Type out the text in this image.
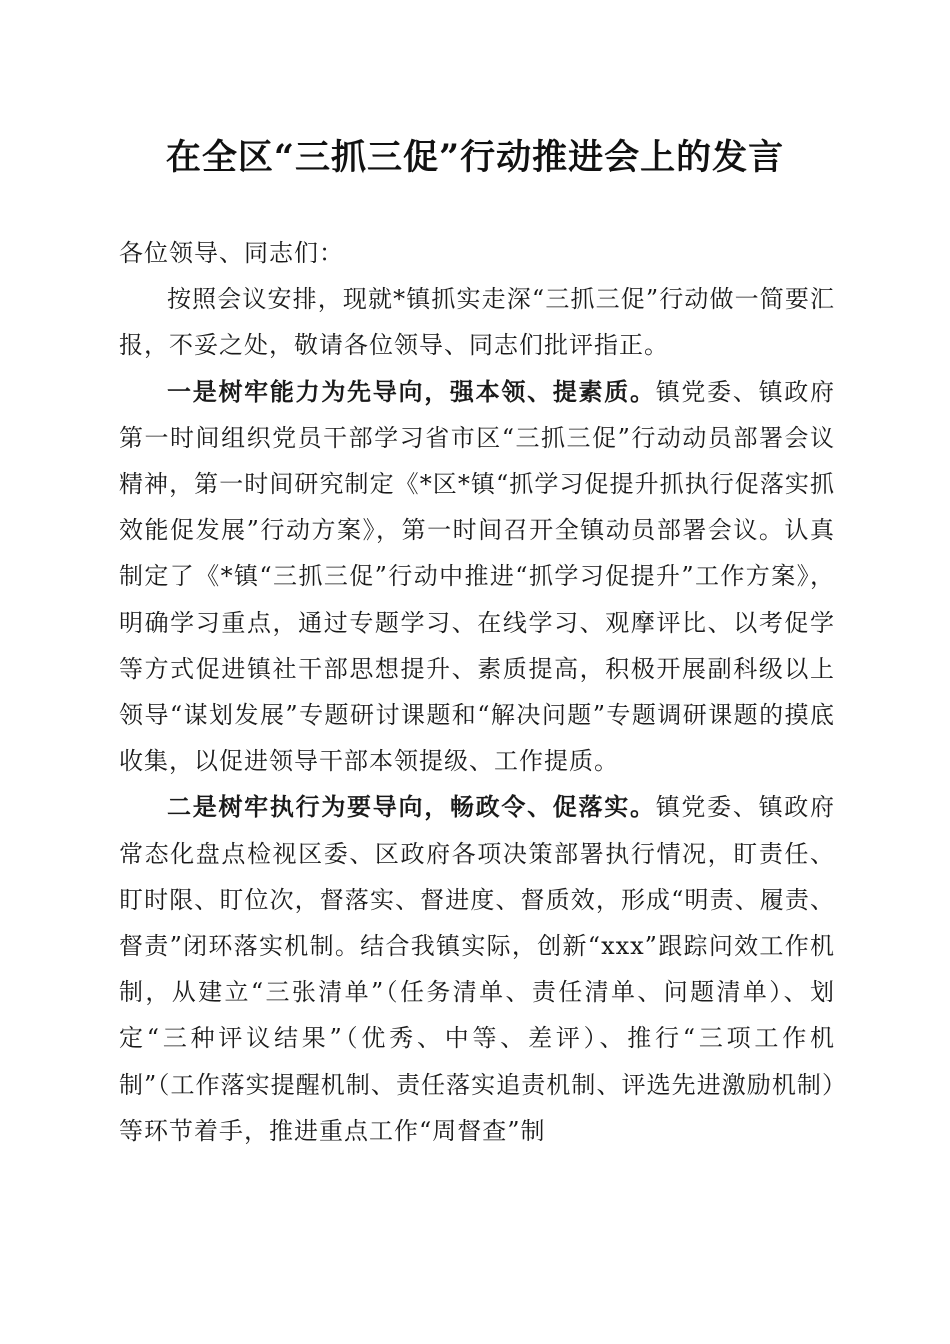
在全区“三抓三促”行动推进会上的发言

各位领导、同志们：

按照会议安排，现就*镇抓实走深“三抓三促”行动做一简要汇报，不妥之处，敬请各位领导、同志们批评指正。

一是树牢能力为先导向，强本领、提素质。镇党委、镇政府第一时间组织党员干部学习省市区“三抓三促”行动动员部署会议精神，第一时间研究制定《*区*镇“抓学习促提升抓执行促落实抓效能促发展”行动方案》，第一时间召开全镇动员部署会议。认真制定了《*镇“三抓三促”行动中推进“抓学习促提升”工作方案》，明确学习重点，通过专题学习、在线学习、观摩评比、以考促学等方式促进镇社干部思想提升、素质提高，积极开展副科级以上领导“谋划发展”专题研讨课题和“解决问题”专题调研课题的摸底收集，以促进领导干部本领提级、工作提质。

二是树牢执行为要导向，畅政令、促落实。镇党委、镇政府常态化盘点检视区委、区政府各项决策部署执行情况，盯责任、盯时限、盯位次，督落实、督进度、督质效，形成“明责、履责、督责”闭环落实机制。结合我镇实际，创新“xxx”跟踪问效工作机制，从建立“三张清单”（任务清单、责任清单、问题清单）、划定“三种评议结果”（优秀、中等、差评）、推行“三项工作机制”（工作落实提醒机制、责任落实追责机制、评选先进激励机制）等环节着手，推进重点工作“周督查”制
